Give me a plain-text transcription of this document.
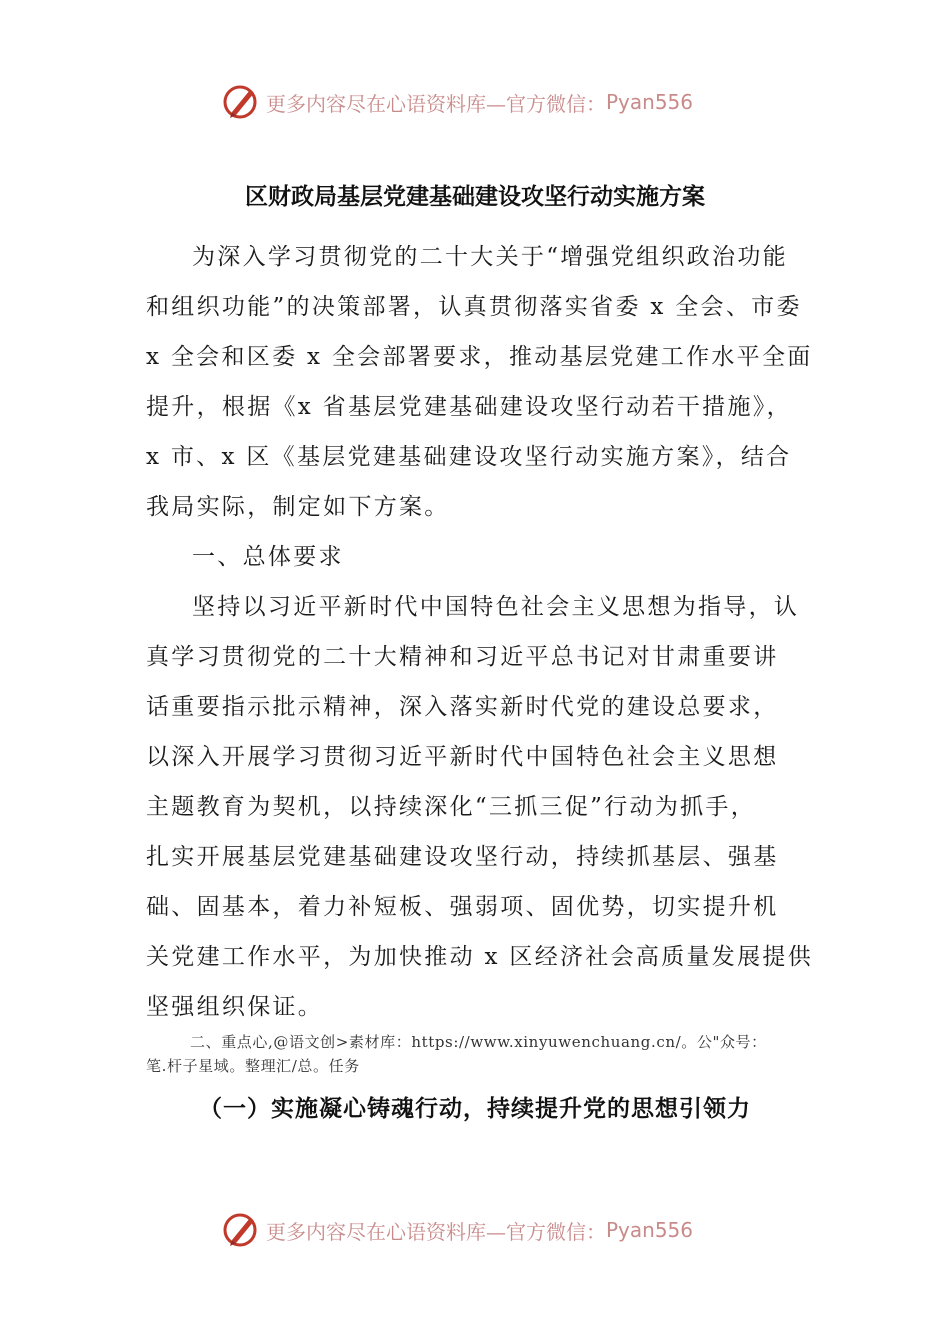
更多内容尽在心语资料库—官方微信： Pyan556
区财政局基层党建基础建设攻坚行动实施方案
为深入学习贯彻党的二十大关于“增强党组织政治功能
和组织功能”的决策部署，认真贯彻落实省委 x 全会、市委
x 全会和区委 x 全会部署要求，推动基层党建工作水平全面
提升，根据《x 省基层党建基础建设攻坚行动若干措施》，
x 市、x 区《基层党建基础建设攻坚行动实施方案》，结合
我局实际，制定如下方案。
一、总体要求
坚持以习近平新时代中国特色社会主义思想为指导，认
真学习贯彻党的二十大精神和习近平总书记对甘肃重要讲
话重要指示批示精神，深入落实新时代党的建设总要求，
以深入开展学习贯彻习近平新时代中国特色社会主义思想
主题教育为契机，以持续深化“三抓三促”行动为抓手，
扎实开展基层党建基础建设攻坚行动，持续抓基层、强基
础、固基本，着力补短板、强弱项、固优势，切实提升机
关党建工作水平，为加快推动 x 区经济社会高质量发展提供
坚强组织保证。
二、重点心,@语文创>素材库：https://www.xinyuwenchuang.cn/。公"众号：
笔.杆子星域。整理汇/总。任务
（一）实施凝心铸魂行动，持续提升党的思想引领力
更多内容尽在心语资料库—官方微信： Pyan556
